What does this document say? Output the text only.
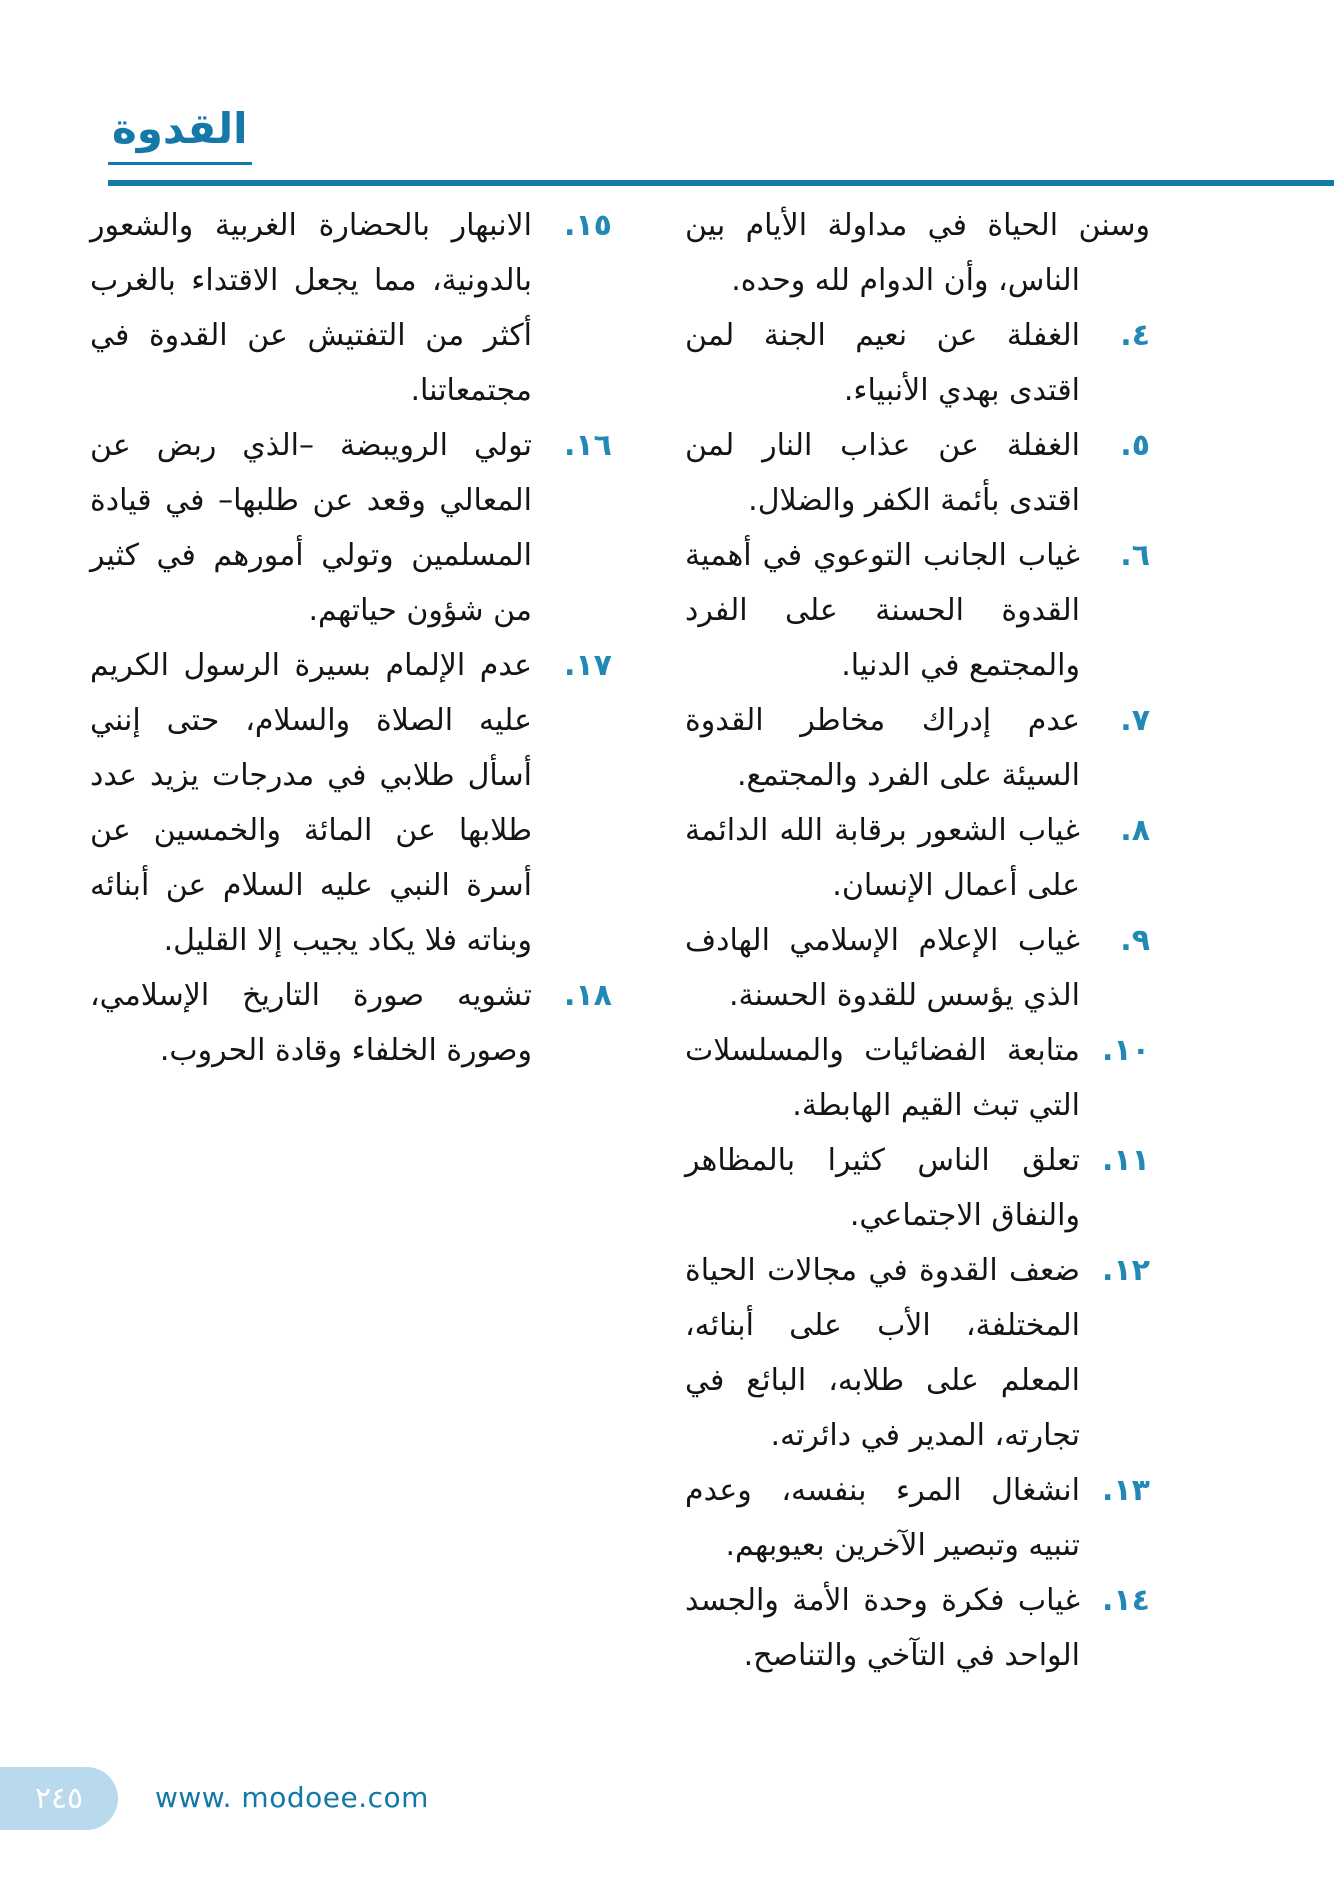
القدوة

وسنن الحياة في مداولة الأيام بين الناس، وأن الدوام لله وحده.

٤.
الغفلة عن نعيم الجنة لمن اقتدى بهدي الأنبياء.

٥.
الغفلة عن عذاب النار لمن اقتدى بأئمة الكفر والضلال.

٦.
غياب الجانب التوعوي في أهمية القدوة الحسنة على الفرد والمجتمع في الدنيا.

٧.
عدم إدراك مخاطر القدوة السيئة على الفرد والمجتمع.

٨.
غياب الشعور برقابة الله الدائمة على أعمال الإنسان.

٩.
غياب الإعلام الإسلامي الهادف الذي يؤسس للقدوة الحسنة.

١٠.
متابعة الفضائيات والمسلسلات التي تبث القيم الهابطة.

١١.
تعلق الناس كثيرا بالمظاهر والنفاق الاجتماعي.

١٢.
ضعف القدوة في مجالات الحياة المختلفة، الأب على أبنائه، المعلم على طلابه، البائع في تجارته، المدير في دائرته.

١٣.
انشغال المرء بنفسه، وعدم تنبيه وتبصير الآخرين بعيوبهم.

١٤.
غياب فكرة وحدة الأمة والجسد الواحد في التآخي والتناصح.

١٥.
الانبهار بالحضارة الغربية والشعور بالدونية، مما يجعل الاقتداء بالغرب أكثر من التفتيش عن القدوة في مجتمعاتنا.

١٦.
تولي الرويبضة –الذي ربض عن المعالي وقعد عن طلبها– في قيادة المسلمين وتولي أمورهم في كثير من شؤون حياتهم.

١٧.
عدم الإلمام بسيرة الرسول الكريم عليه الصلاة والسلام، حتى إنني أسأل طلابي في مدرجات يزيد عدد طلابها عن المائة والخمسين عن أسرة النبي عليه السلام عن أبنائه وبناته فلا يكاد يجيب إلا القليل.

١٨.
تشويه صورة التاريخ الإسلامي، وصورة الخلفاء وقادة الحروب.

٢٤٥	www. modoee.com
